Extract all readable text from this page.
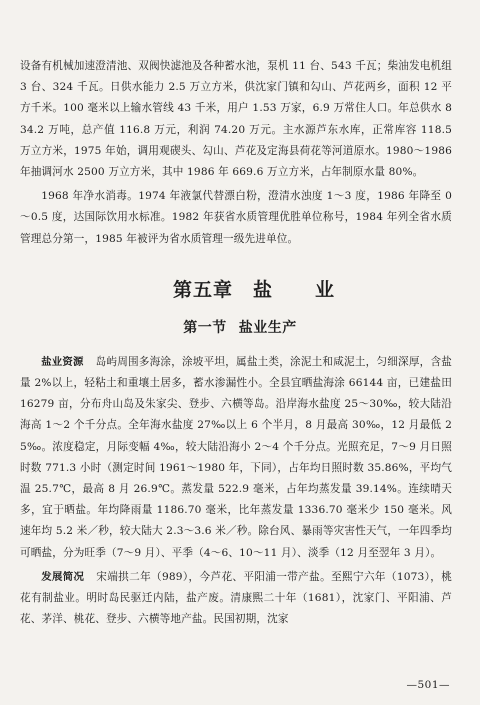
设备有机械加速澄清池、双阀快滤池及各种蓄水池，泵机 11 台、543 千瓦；柴油发电机组 3 台、324 千瓦。日供水能力 2.5 万立方米，供沈家门镇和勾山、芦花两乡，面积 12 平方千米。100 毫米以上输水管线 43 千米，用户 1.53 万家，6.9 万常住人口。年总供水 834.2 万吨，总产值 116.8 万元，利润 74.20 万元。主水源芦东水库，正常库容 118.5 万立方米，1975 年始，调用观碶头、勾山、芦花及定海县荷花等河道原水。1980～1986 年抽调河水 2500 万立方米，其中 1986 年 669.6 万立方米，占年制原水量 80%。

1968 年净水消毒。1974 年液氯代替漂白粉，澄清水浊度 1～3 度，1986 年降至 0～0.5 度，达国际饮用水标准。1982 年获省水质管理优胜单位称号，1984 年列全省水质管理总分第一，1985 年被评为省水质管理一级先进单位。

第五章 盐 业
第一节 盐业生产

盐业资源 岛屿周围多海涂，涂坡平坦，属盐土类，涂泥土和咸泥土，匀细深厚，含盐量 2%以上，轻粘土和重壤土居多，蓄水渗漏性小。全县宜晒盐海涂 66144 亩，已建盐田 16279 亩，分布舟山岛及朱家尖、登步、六横等岛。沿岸海水盐度 25～30‰，较大陆沿海高 1～2 个千分点。全年海水盐度 27‰以上 6 个半月，8 月最高 30‰，12 月最低 25‰。浓度稳定，月际变幅 4‰，较大陆沿海小 2～4 个千分点。光照充足，7～9 月日照时数 771.3 小时（测定时间 1961～1980 年，下同），占年均日照时数 35.86%，平均气温 25.7℃，最高 8 月 26.9℃。蒸发量 522.9 毫米，占年均蒸发量 39.14%。连续晴天多，宜于晒盐。年均降雨量 1186.70 毫米，比年蒸发量 1336.70 毫米少 150 毫米。风速年均 5.2 米／秒，较大陆大 2.3～3.6 米／秒。除台风、暴雨等灾害性天气，一年四季均可晒盐，分为旺季（7～9 月）、平季（4～6、10～11 月）、淡季（12 月至翌年 3 月）。

发展简况 宋端拱二年（989），今芦花、平阳浦一带产盐。至熙宁六年（1073），桃花有制盐业。明时岛民驱迁内陆，盐产废。清康熙二十年（1681），沈家门、平阳浦、芦花、茅洋、桃花、登步、六横等地产盐。民国初期，沈家

—501—
